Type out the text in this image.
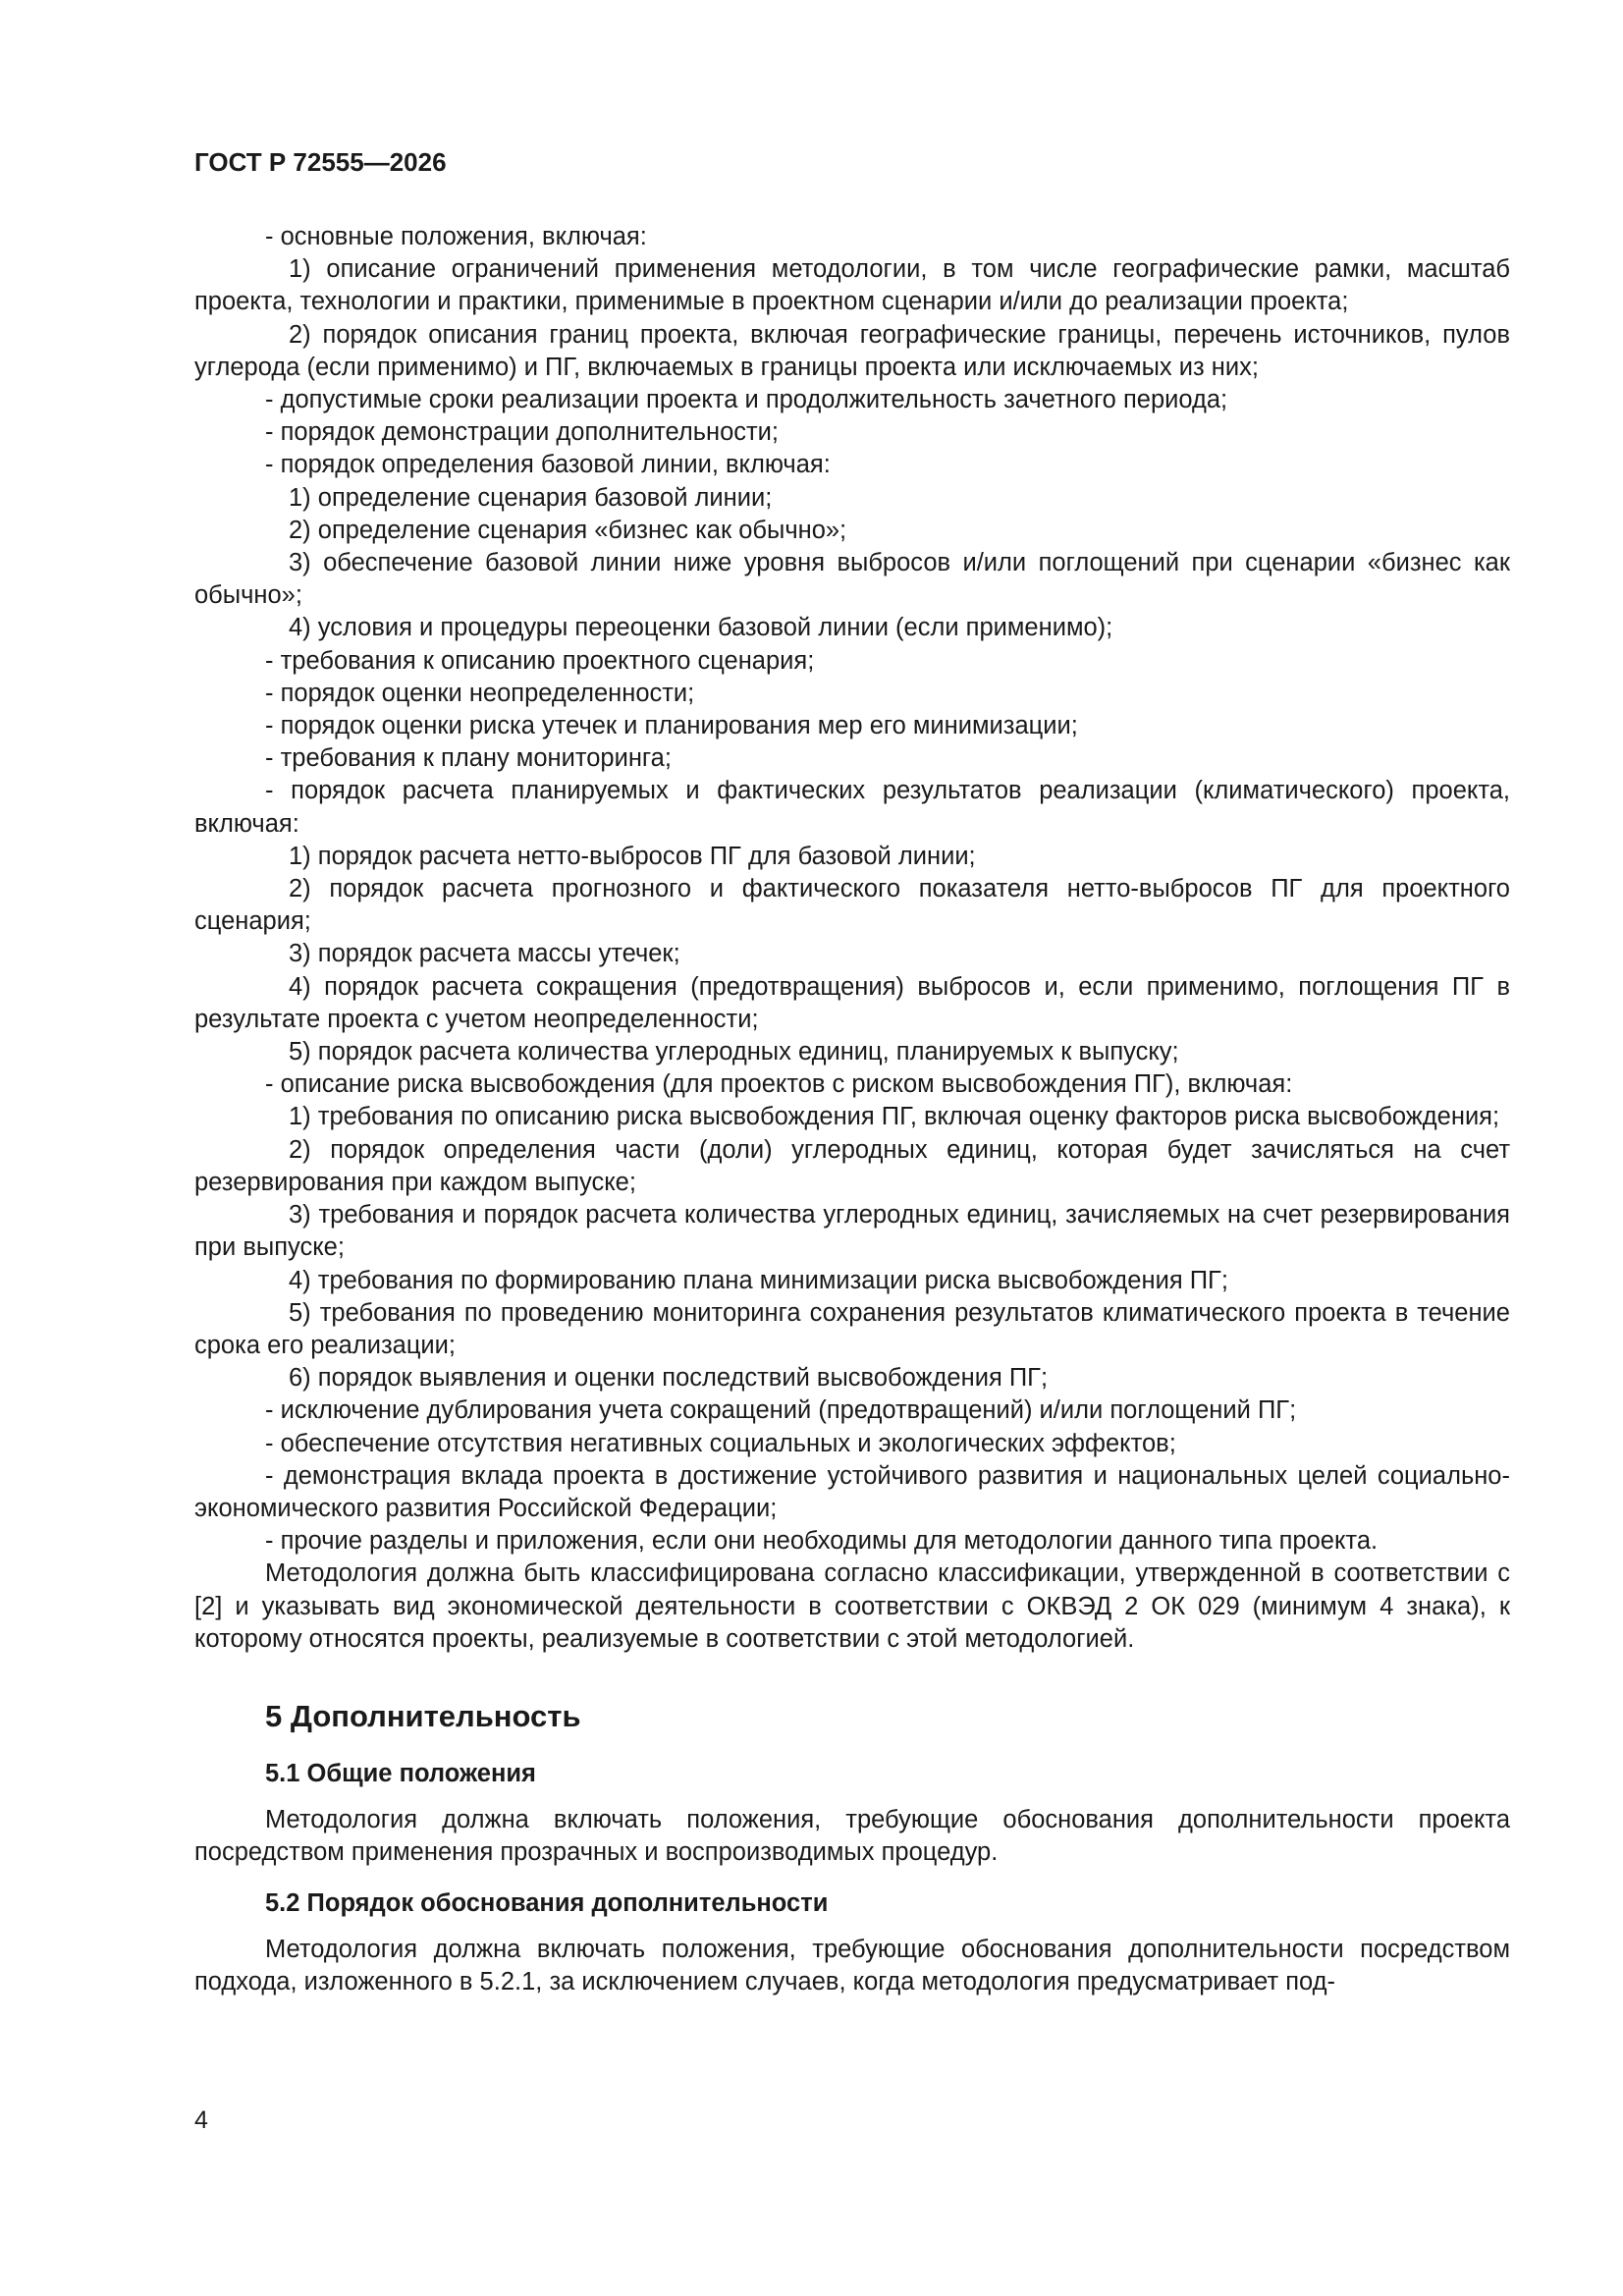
ГОСТ Р 72555—2026

- основные положения, включая:

1) описание ограничений применения методологии, в том числе географические рамки, масштаб проекта, технологии и практики, применимые в проектном сценарии и/или до реализации проекта;

2) порядок описания границ проекта, включая географические границы, перечень источников, пулов углерода (если применимо) и ПГ, включаемых в границы проекта или исключаемых из них;

- допустимые сроки реализации проекта и продолжительность зачетного периода;

- порядок демонстрации дополнительности;

- порядок определения базовой линии, включая:

1) определение сценария базовой линии;

2) определение сценария «бизнес как обычно»;

3) обеспечение базовой линии ниже уровня выбросов и/или поглощений при сценарии «бизнес как обычно»;

4) условия и процедуры переоценки базовой линии (если применимо);

- требования к описанию проектного сценария;

- порядок оценки неопределенности;

- порядок оценки риска утечек и планирования мер его минимизации;

- требования к плану мониторинга;

- порядок расчета планируемых и фактических результатов реализации (климатического) проекта, включая:

1) порядок расчета нетто-выбросов ПГ для базовой линии;

2) порядок расчета прогнозного и фактического показателя нетто-выбросов ПГ для проектного сценария;

3) порядок расчета массы утечек;

4) порядок расчета сокращения (предотвращения) выбросов и, если применимо, поглощения ПГ в результате проекта с учетом неопределенности;

5) порядок расчета количества углеродных единиц, планируемых к выпуску;

- описание риска высвобождения (для проектов с риском высвобождения ПГ), включая:

1) требования по описанию риска высвобождения ПГ, включая оценку факторов риска высвобождения;

2) порядок определения части (доли) углеродных единиц, которая будет зачисляться на счет резервирования при каждом выпуске;

3) требования и порядок расчета количества углеродных единиц, зачисляемых на счет резервирования при выпуске;

4) требования по формированию плана минимизации риска высвобождения ПГ;

5) требования по проведению мониторинга сохранения результатов климатического проекта в течение срока его реализации;

6) порядок выявления и оценки последствий высвобождения ПГ;

- исключение дублирования учета сокращений (предотвращений) и/или поглощений ПГ;

- обеспечение отсутствия негативных социальных и экологических эффектов;

- демонстрация вклада проекта в достижение устойчивого развития и национальных целей социально-экономического развития Российской Федерации;

- прочие разделы и приложения, если они необходимы для методологии данного типа проекта.

Методология должна быть классифицирована согласно классификации, утвержденной в соответствии с [2] и указывать вид экономической деятельности в соответствии с ОКВЭД 2 ОК 029 (минимум 4 знака), к которому относятся проекты, реализуемые в соответствии с этой методологией.

5 Дополнительность

5.1 Общие положения

Методология должна включать положения, требующие обоснования дополнительности проекта посредством применения прозрачных и воспроизводимых процедур.

5.2 Порядок обоснования дополнительности

Методология должна включать положения, требующие обоснования дополнительности посредством подхода, изложенного в 5.2.1, за исключением случаев, когда методология предусматривает под-

4
